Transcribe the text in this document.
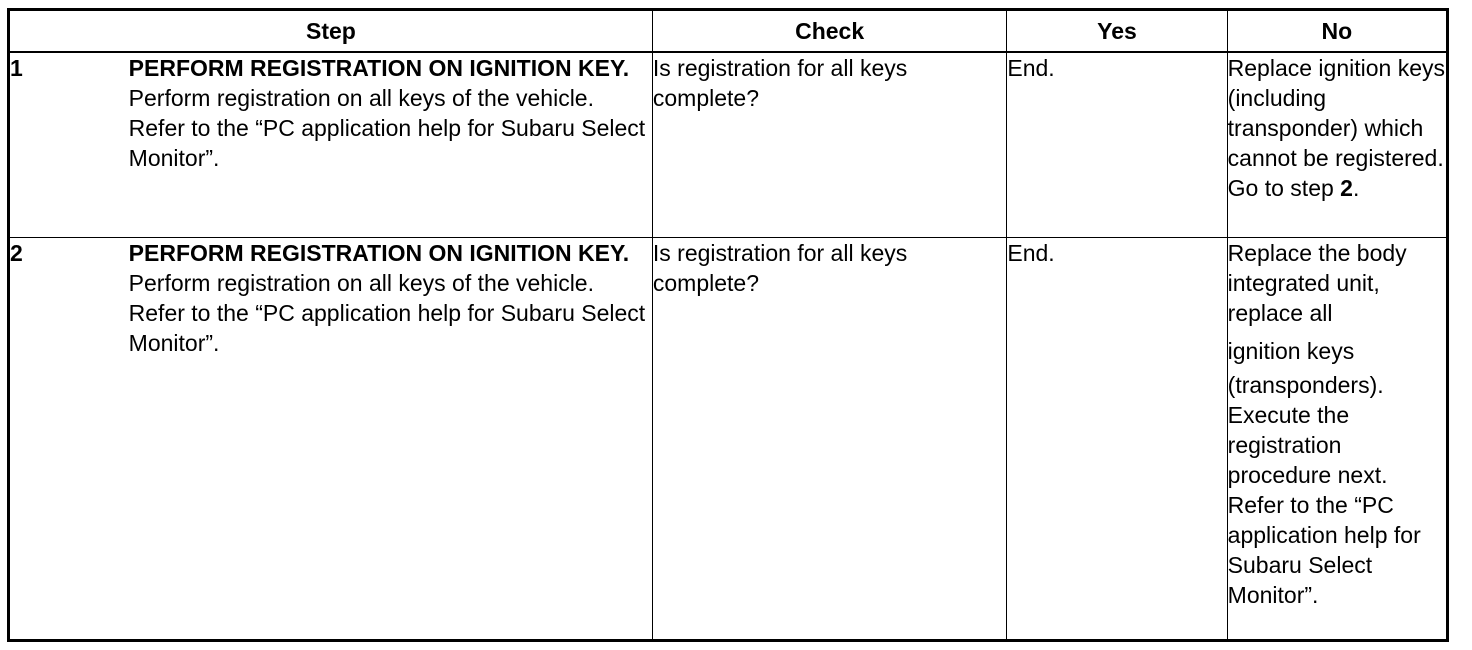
Step		Check	Yes	No
1	PERFORM REGISTRATION ON IGNITION KEY.
Perform registration on all keys of the vehicle.
Refer to the “PC application help for Subaru Select Monitor”.	Is registration for all keys complete?	End.	Replace ignition keys (including transponder) which cannot be registered. Go to step 2.
2	PERFORM REGISTRATION ON IGNITION KEY.
Perform registration on all keys of the vehicle.
Refer to the “PC application help for Subaru Select Monitor”.	Is registration for all keys complete?	End.	Replace the body integrated unit, replace all
ignition keys
(transponders). Execute the registration procedure next. Refer to the “PC application help for Subaru Select Monitor”.
